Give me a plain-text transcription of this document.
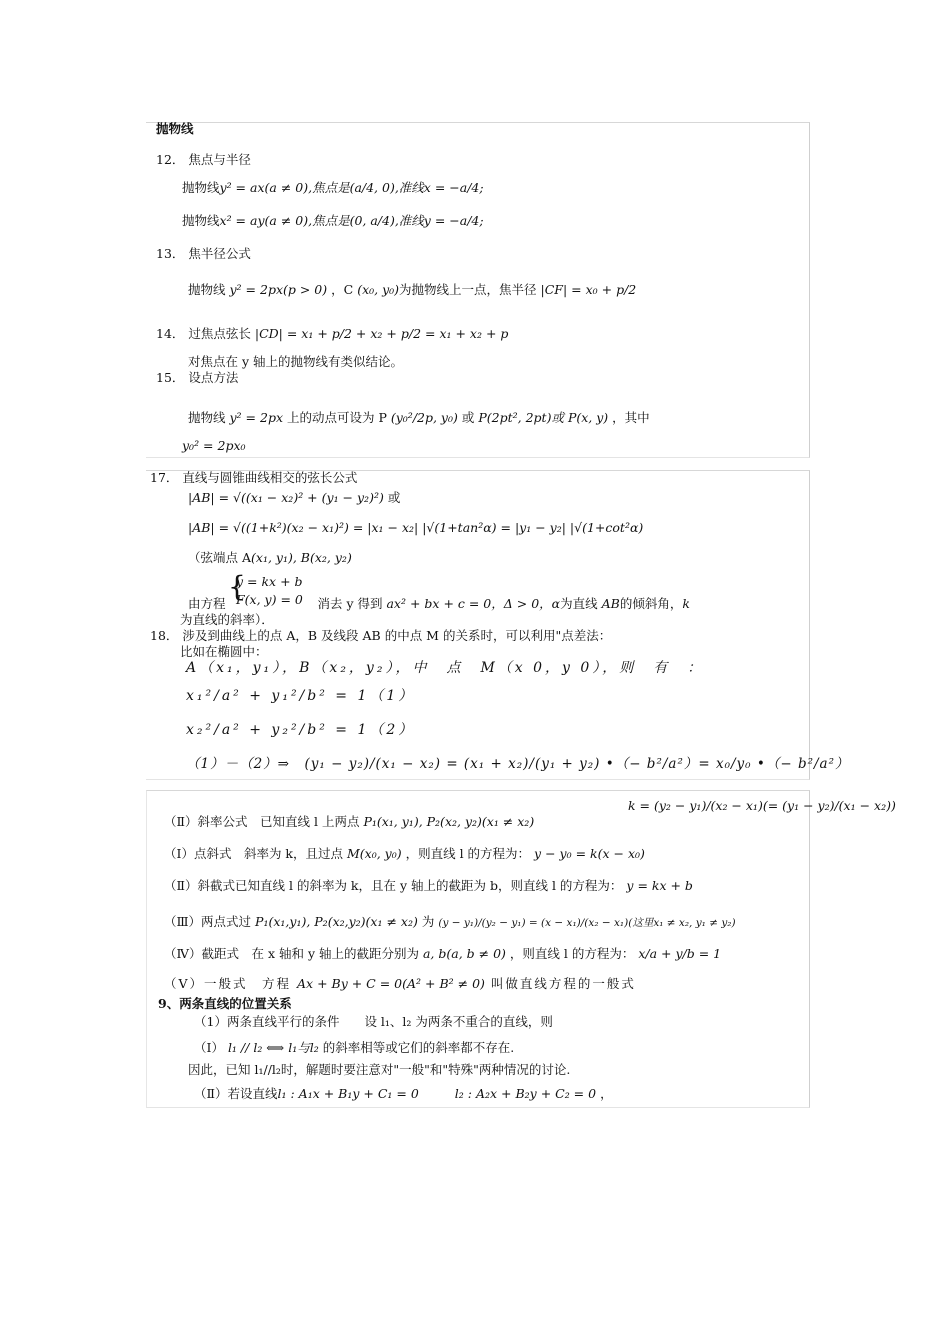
抛物线
12． 焦点与半径
抛物线y² = ax(a ≠ 0),焦点是(a/4, 0),准线x = −a/4;
抛物线x² = ay(a ≠ 0),焦点是(0, a/4),准线y = −a/4;
13． 焦半径公式
抛物线 y² = 2px(p > 0) ，C (x₀, y₀)为抛物线上一点，焦半径 |CF| = x₀ + p/2
14． 过焦点弦长 |CD| = x₁ + p/2 + x₂ + p/2 = x₁ + x₂ + p
对焦点在 y 轴上的抛物线有类似结论。
15． 设点方法
抛物线 y² = 2px 上的动点可设为 P (y₀²/2p, y₀) 或 P(2pt², 2pt)或 P(x, y) ，其中
y₀² = 2px₀
17． 直线与圆锥曲线相交的弦长公式
|AB| = √((x₁ − x₂)² + (y₁ − y₂)²) 或
|AB| = √((1+k²)(x₂ − x₁)²) = |x₁ − x₂| |√(1+tan²α) = |y₁ − y₂| |√(1+cot²α)
（弦端点 A(x₁, y₁), B(x₂, y₂)
{
y = kx + b
F(x, y) = 0
由方程	消去 y 得到 ax² + bx + c = 0，Δ > 0，α为直线 AB的倾斜角，k
为直线的斜率）．
18． 涉及到曲线上的点 A，B 及线段 AB 的中点 M 的关系时，可以利用"点差法：
比如在椭圆中：
A（x₁，y₁），B（x₂，y₂），中　点　M（x 0，y 0），则　有　：
x₁²/a² + y₁²/b² = 1（1）
x₂²/a² + y₂²/b² = 1（2）
（1）－（2）⇒　(y₁ − y₂)/(x₁ − x₂) = (x₁ + x₂)/(y₁ + y₂) •（− b²/a²）= x₀/y₀ •（− b²/a²）
（Ⅱ）斜率公式　已知直线 l 上两点 P₁(x₁, y₁), P₂(x₂, y₂)(x₁ ≠ x₂)
k = (y₂ − y₁)/(x₂ − x₁)(= (y₁ − y₂)/(x₁ − x₂))
（Ⅰ）点斜式　斜率为 k，且过点 M(x₀, y₀) ，则直线 l 的方程为： y − y₀ = k(x − x₀)
（Ⅱ）斜截式已知直线 l 的斜率为 k，且在 y 轴上的截距为 b，则直线 l 的方程为： y = kx + b
（Ⅲ）两点式过 P₁(x₁,y₁), P₂(x₂,y₂)(x₁ ≠ x₂) 为 (y − y₁)/(y₂ − y₁) = (x − x₁)/(x₂ − x₁)(这里x₁ ≠ x₂, y₁ ≠ y₂)
（Ⅳ）截距式　在 x 轴和 y 轴上的截距分别为 a, b(a, b ≠ 0) ，则直线 l 的方程为： x/a + y/b = 1
（Ⅴ）一般式　方程 Ax + By + C = 0(A² + B² ≠ 0) 叫做直线方程的一般式
9、两条直线的位置关系
（1）两条直线平行的条件　　设 l₁、l₂ 为两条不重合的直线，则
（Ⅰ） l₁ // l₂ ⟺ l₁与l₂ 的斜率相等或它们的斜率都不存在.
因此，已知 l₁//l₂时，解题时要注意对"一般"和"特殊"两种情况的讨论.
（Ⅱ）若设直线l₁ : A₁x + B₁y + C₁ = 0	l₂ : A₂x + B₂y + C₂ = 0 ，
